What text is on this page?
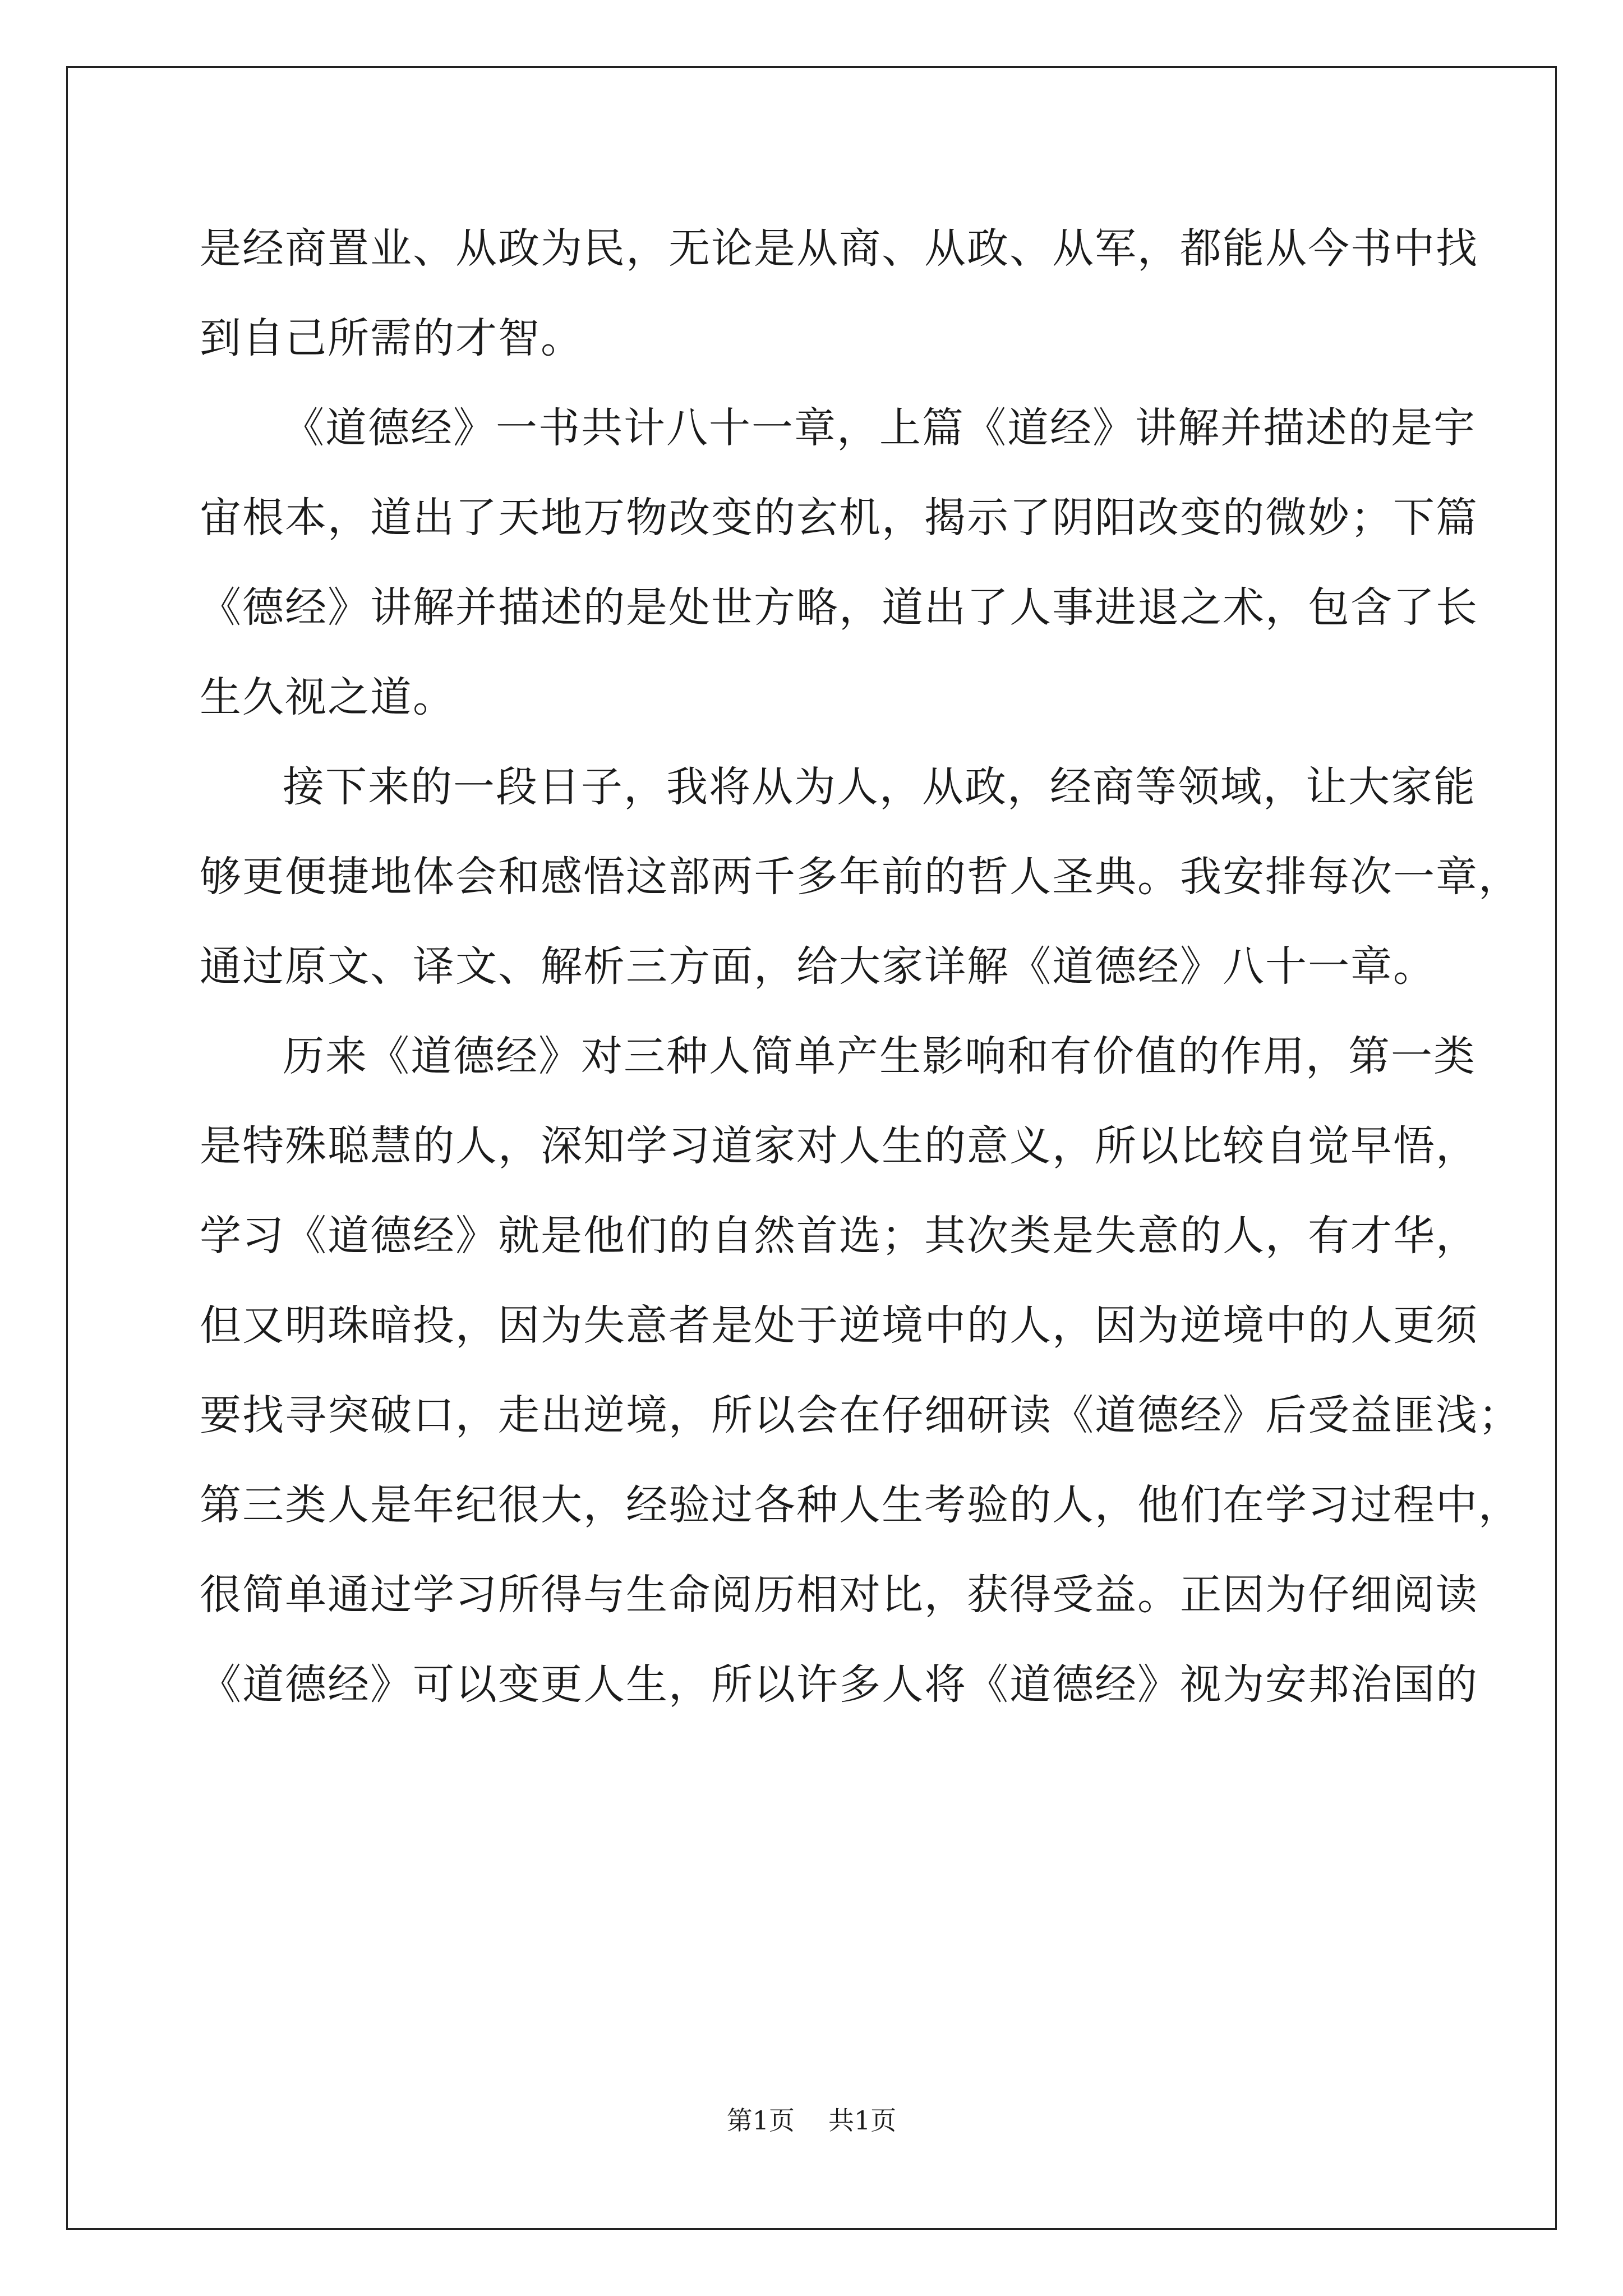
是经商置业、从政为民，无论是从商、从政、从军，都能从今书中找
到自己所需的才智。
《道德经》一书共计八十一章，上篇《道经》讲解并描述的是宇
宙根本，道出了天地万物改变的玄机，揭示了阴阳改变的微妙；下篇
《德经》讲解并描述的是处世方略，道出了人事进退之术，包含了长
生久视之道。
接下来的一段日子，我将从为人，从政，经商等领域，让大家能
够更便捷地体会和感悟这部两千多年前的哲人圣典。我安排每次一章，
通过原文、译文、解析三方面，给大家详解《道德经》八十一章。
历来《道德经》对三种人简单产生影响和有价值的作用，第一类
是特殊聪慧的人，深知学习道家对人生的意义，所以比较自觉早悟，
学习《道德经》就是他们的自然首选；其次类是失意的人，有才华，
但又明珠暗投，因为失意者是处于逆境中的人，因为逆境中的人更须
要找寻突破口，走出逆境，所以会在仔细研读《道德经》后受益匪浅；
第三类人是年纪很大，经验过各种人生考验的人，他们在学习过程中，
很简单通过学习所得与生命阅历相对比，获得受益。正因为仔细阅读
《道德经》可以变更人生，所以许多人将《道德经》视为安邦治国的
第1页 共1页
